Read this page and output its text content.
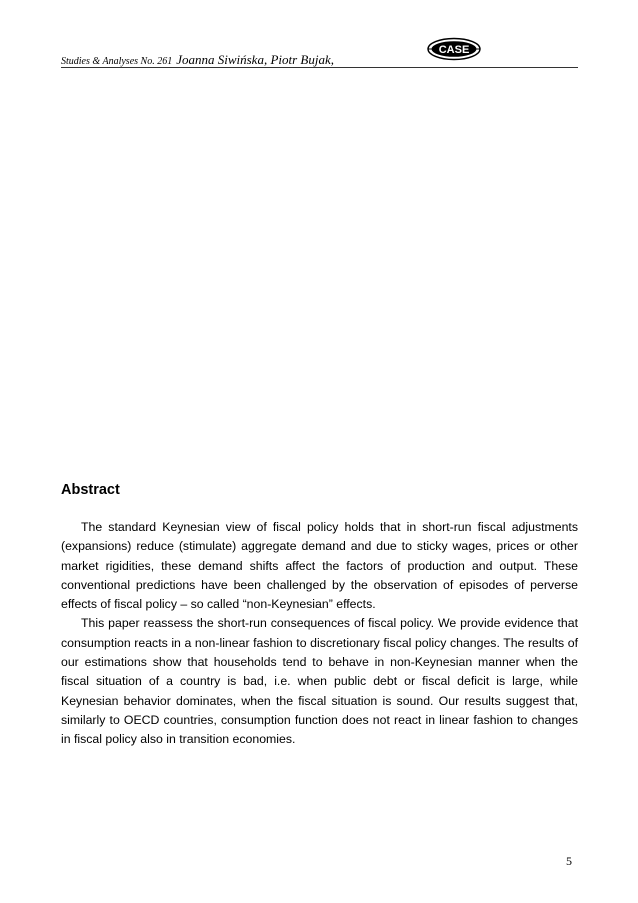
Studies & Analyses No. 261 Joanna Siwińska, Piotr Bujak,
CASE
Abstract

The standard Keynesian view of fiscal policy holds that in short-run fiscal adjustments (expansions) reduce (stimulate) aggregate demand and due to sticky wages, prices or other market rigidities, these demand shifts affect the factors of production and output. These conventional predictions have been challenged by the observation of episodes of perverse effects of fiscal policy – so called “non-Keynesian” effects.

This paper reassess the short-run consequences of fiscal policy. We provide evidence that consumption reacts in a non-linear fashion to discretionary fiscal policy changes. The results of our estimations show that households tend to behave in non-Keynesian manner when the fiscal situation of a country is bad, i.e. when public debt or fiscal deficit is large, while Keynesian behavior dominates, when the fiscal situation is sound. Our results suggest that, similarly to OECD countries, consumption function does not react in linear fashion to changes in fiscal policy also in transition economies.

5
